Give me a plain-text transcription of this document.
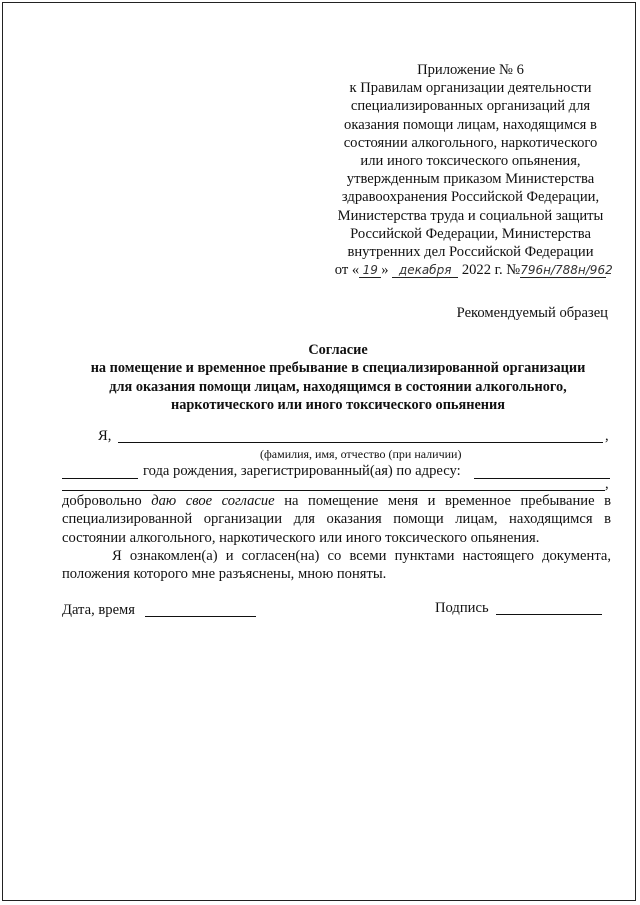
Приложение № 6
к Правилам организации деятельности
специализированных организаций для
оказания помощи лицам, находящимся в
состоянии алкогольного, наркотического
или иного токсического опьянения,
утвержденным приказом Министерства
здравоохранения Российской Федерации,
Министерства труда и социальной защиты
Российской Федерации, Министерства
внутренних дел Российской Федерации
от « 19 » декабря 2022 г. №796н/788н/962
Рекомендуемый образец
Согласие
на помещение и временное пребывание в специализированной организации
для оказания помощи лицам, находящимся в состоянии алкогольного,
наркотического или иного токсического опьянения
Я,	,
(фамилия, имя, отчество (при наличии)
года рождения, зарегистрированный(ая) по адресу:
,
добровольно даю свое согласие на помещение меня и временное пребывание в специализированной организации для оказания помощи лицам, находящимся в состоянии алкогольного, наркотического или иного токсического опьянения.
Я ознакомлен(а) и согласен(на) со всеми пунктами настоящего документа, положения которого мне разъяснены, мною поняты.
Дата, время	Подпись
